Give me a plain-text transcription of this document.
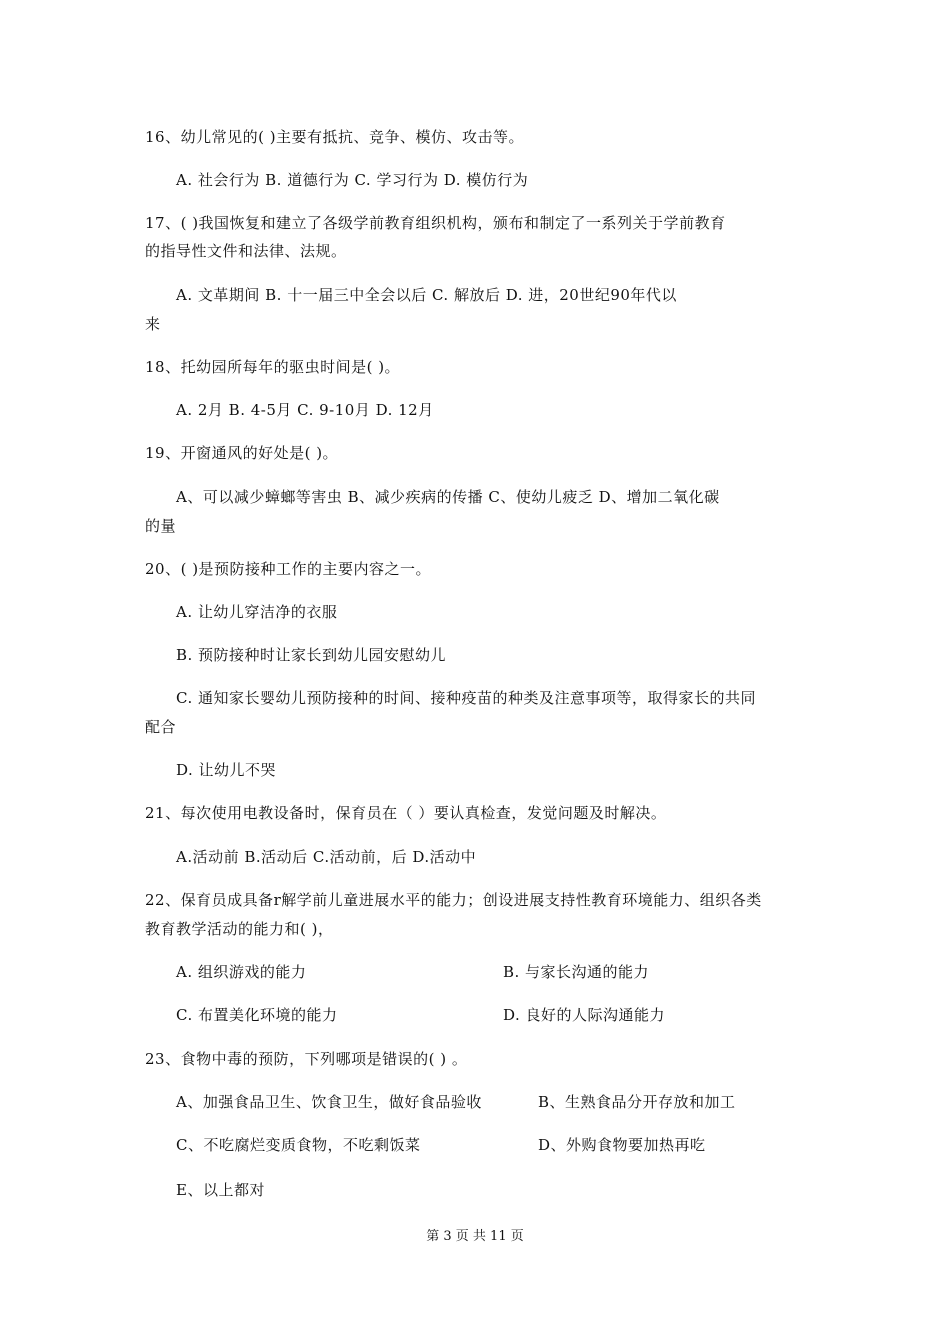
16、幼儿常见的( )主要有抵抗、竞争、模仿、攻击等。
A. 社会行为 B. 道德行为 C. 学习行为 D. 模仿行为
17、( )我国恢复和建立了各级学前教育组织机构，颁布和制定了一系列关于学前教育
的指导性文件和法律、法规。
A. 文革期间 B. 十一届三中全会以后 C. 解放后 D. 进，20世纪90年代以
来
18、托幼园所每年的驱虫时间是( )。
A. 2月 B. 4-5月 C. 9-10月 D. 12月
19、开窗通风的好处是( )。
A、可以减少蟑螂等害虫 B、减少疾病的传播 C、使幼儿疲乏 D、增加二氧化碳
的量
20、( )是预防接种工作的主要内容之一。
A. 让幼儿穿洁净的衣服
B. 预防接种时让家长到幼儿园安慰幼儿
C. 通知家长婴幼儿预防接种的时间、接种疫苗的种类及注意事项等，取得家长的共同
配合
D. 让幼儿不哭
21、每次使用电教设备时，保育员在（ ）要认真检查，发觉问题及时解决。
A.活动前 B.活动后 C.活动前，后 D.活动中
22、保育员成具备r解学前儿童进展水平的能力；创设进展支持性教育环境能力、组织各类
教育教学活动的能力和( )，
A. 组织游戏的能力	B. 与家长沟通的能力
C. 布置美化环境的能力	D. 良好的人际沟通能力
23、食物中毒的预防，下列哪项是错误的( ) 。
A、加强食品卫生、饮食卫生，做好食品验收	B、生熟食品分开存放和加工
C、不吃腐烂变质食物，不吃剩饭菜	D、外购食物要加热再吃
E、以上都对
第 3 页 共 11 页
